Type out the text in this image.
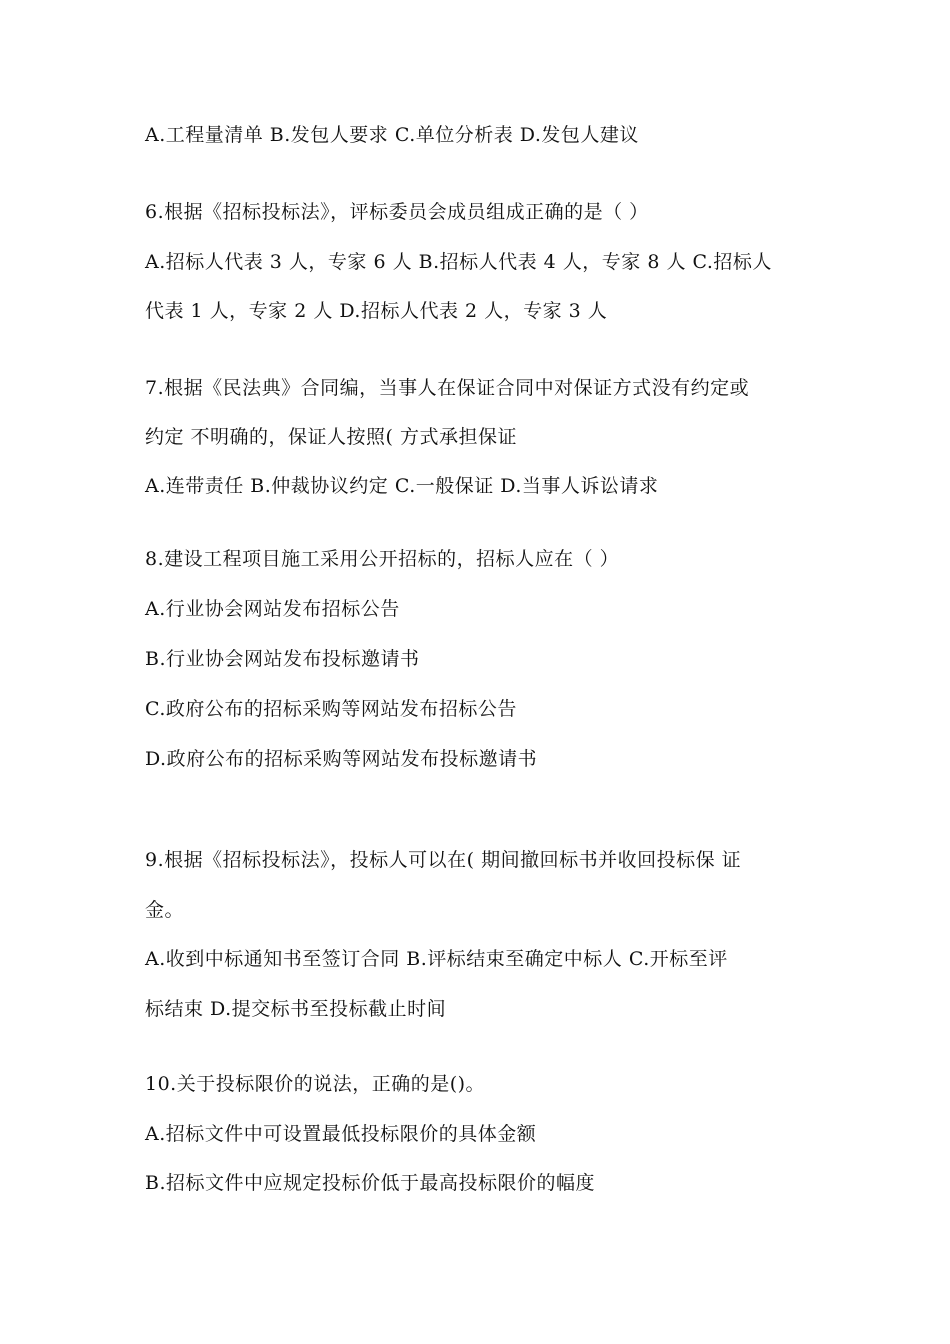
A.工程量清单 B.发包人要求 C.单位分析表 D.发包人建议
6.根据《招标投标法》，评标委员会成员组成正确的是（ ）
A.招标人代表 3 人，专家 6 人 B.招标人代表 4 人，专家 8 人 C.招标人
代表 1 人，专家 2 人 D.招标人代表 2 人，专家 3 人
7.根据《民法典》合同编，当事人在保证合同中对保证方式没有约定或
约定 不明确的，保证人按照( 方式承担保证
A.连带责任 B.仲裁协议约定 C.一般保证 D.当事人诉讼请求
8.建设工程项目施工采用公开招标的，招标人应在（ ）
A.行业协会网站发布招标公告
B.行业协会网站发布投标邀请书
C.政府公布的招标采购等网站发布招标公告
D.政府公布的招标采购等网站发布投标邀请书
9.根据《招标投标法》，投标人可以在( 期间撤回标书并收回投标保 证
金。
A.收到中标通知书至签订合同 B.评标结束至确定中标人 C.开标至评
标结束 D.提交标书至投标截止时间
10.关于投标限价的说法，正确的是()。
A.招标文件中可设置最低投标限价的具体金额
B.招标文件中应规定投标价低于最高投标限价的幅度
